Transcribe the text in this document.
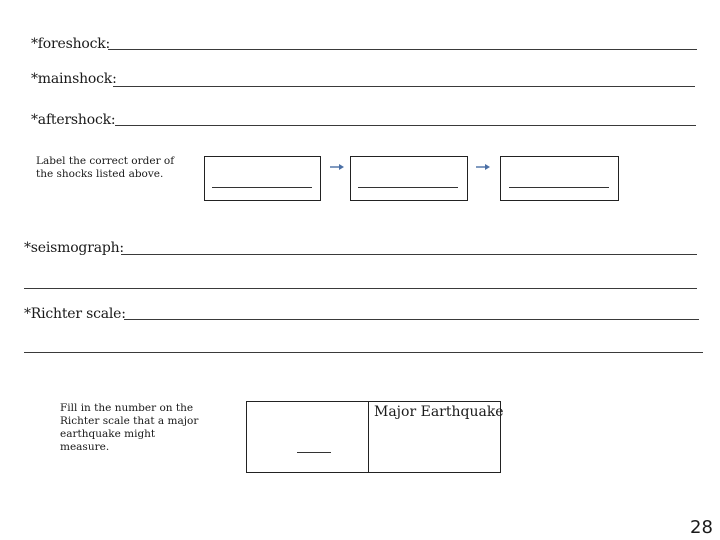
*foreshock:
*mainshock:
*aftershock:
Label the correct order of the shocks listed above.
*seismograph:
*Richter scale:
Fill in the number on the Richter scale that a major earthquake might measure.
Major Earthquake
28
